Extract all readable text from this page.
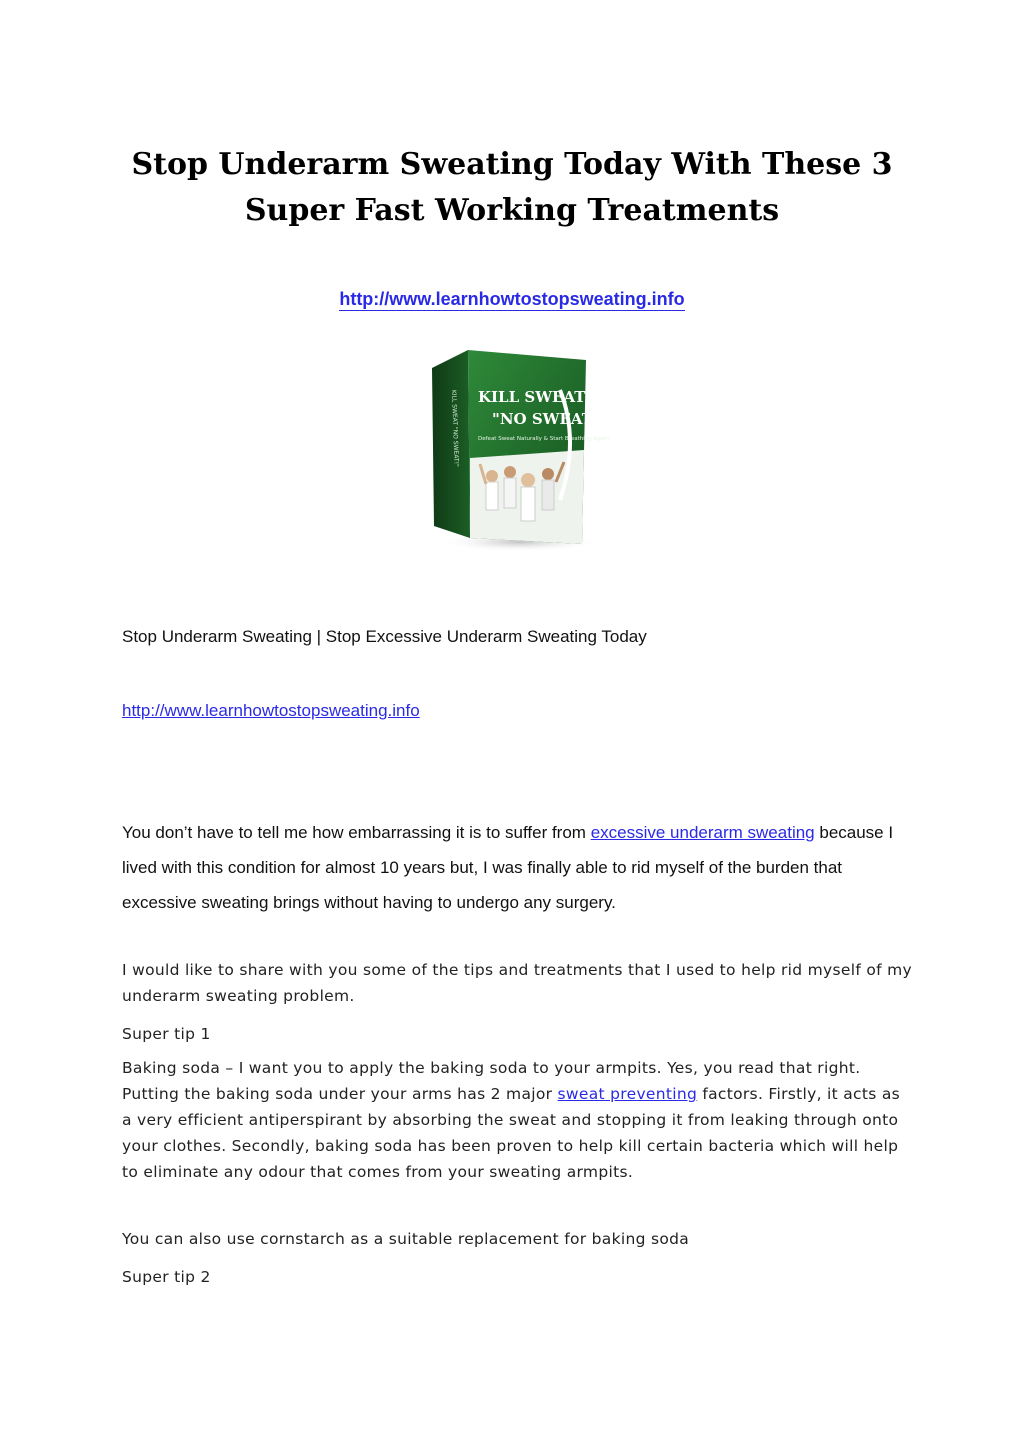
Stop Underarm Sweating Today With These 3 Super Fast Working Treatments
http://www.learnhowtostopsweating.info
KILL SWEAT
"NO SWEAT!"
Defeat Sweat Naturally & Start Breathing Again!
KILL SWEAT "NO SWEAT!"
Stop Underarm Sweating | Stop Excessive Underarm Sweating Today
http://www.learnhowtostopsweating.info

You don’t have to tell me how embarrassing it is to suffer from excessive underarm sweating because I lived with this condition for almost 10 years but, I was finally able to rid myself of the burden that excessive sweating brings without having to undergo any surgery.

I would like to share with you some of the tips and treatments that I used to help rid myself of my underarm sweating problem.

Super tip 1

Baking soda – I want you to apply the baking soda to your armpits. Yes, you read that right. Putting the baking soda under your arms has 2 major sweat preventing factors. Firstly, it acts as a very efficient antiperspirant by absorbing the sweat and stopping it from leaking through onto your clothes. Secondly, baking soda has been proven to help kill certain bacteria which will help to eliminate any odour that comes from your sweating armpits.

You can also use cornstarch as a suitable replacement for baking soda

Super tip 2
